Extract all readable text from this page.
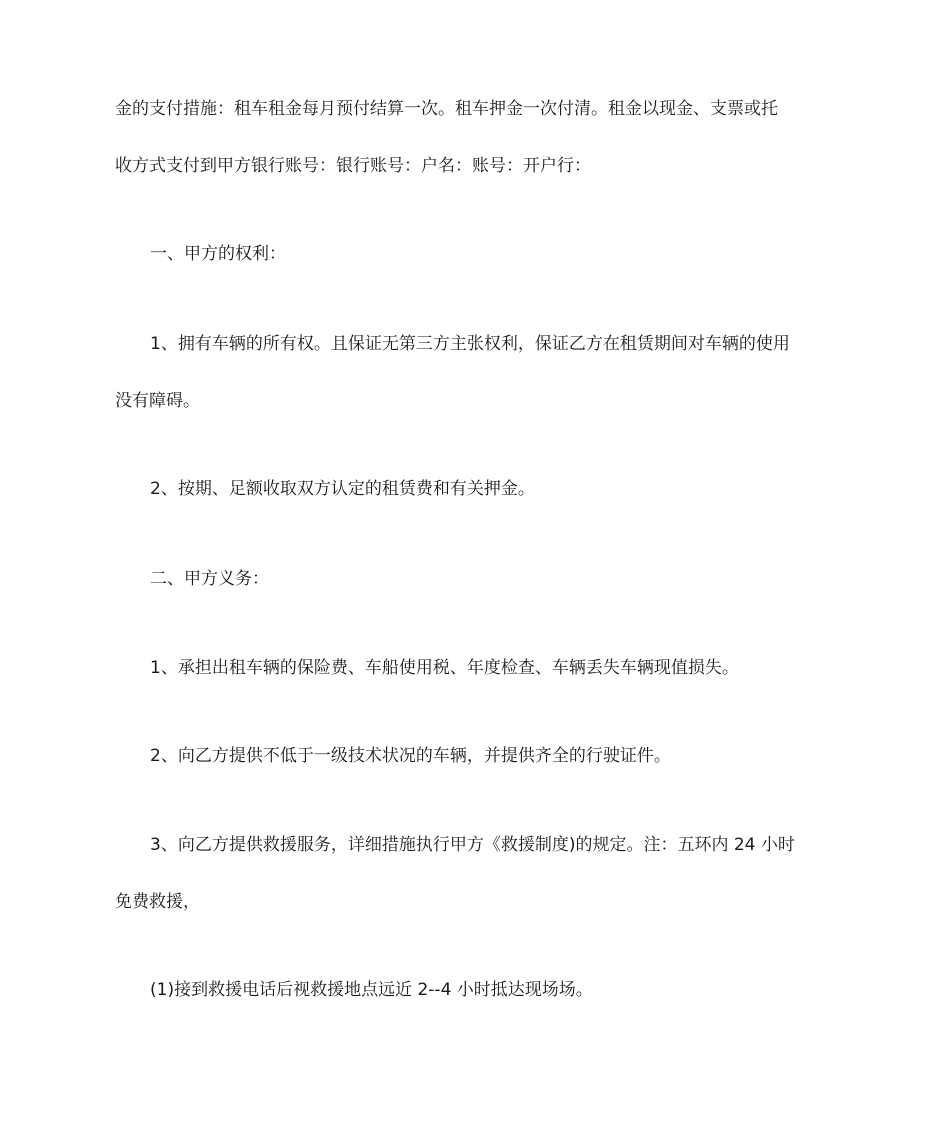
金的支付措施：租车租金每月预付结算一次。租车押金一次付清。租金以现金、支票或托

收方式支付到甲方银行账号：银行账号：户名：账号：开户行：

一、甲方的权利：

1、拥有车辆的所有权。且保证无第三方主张权利，保证乙方在租赁期间对车辆的使用

没有障碍。

2、按期、足额收取双方认定的租赁费和有关押金。

二、甲方义务：

1、承担出租车辆的保险费、车船使用税、年度检查、车辆丢失车辆现值损失。

2、向乙方提供不低于一级技术状况的车辆，并提供齐全的行驶证件。

3、向乙方提供救援服务，详细措施执行甲方《救援制度)的规定。注：五环内 24 小时

免费救援，

(1)接到救援电话后视救援地点远近 2--4 小时抵达现场场。
